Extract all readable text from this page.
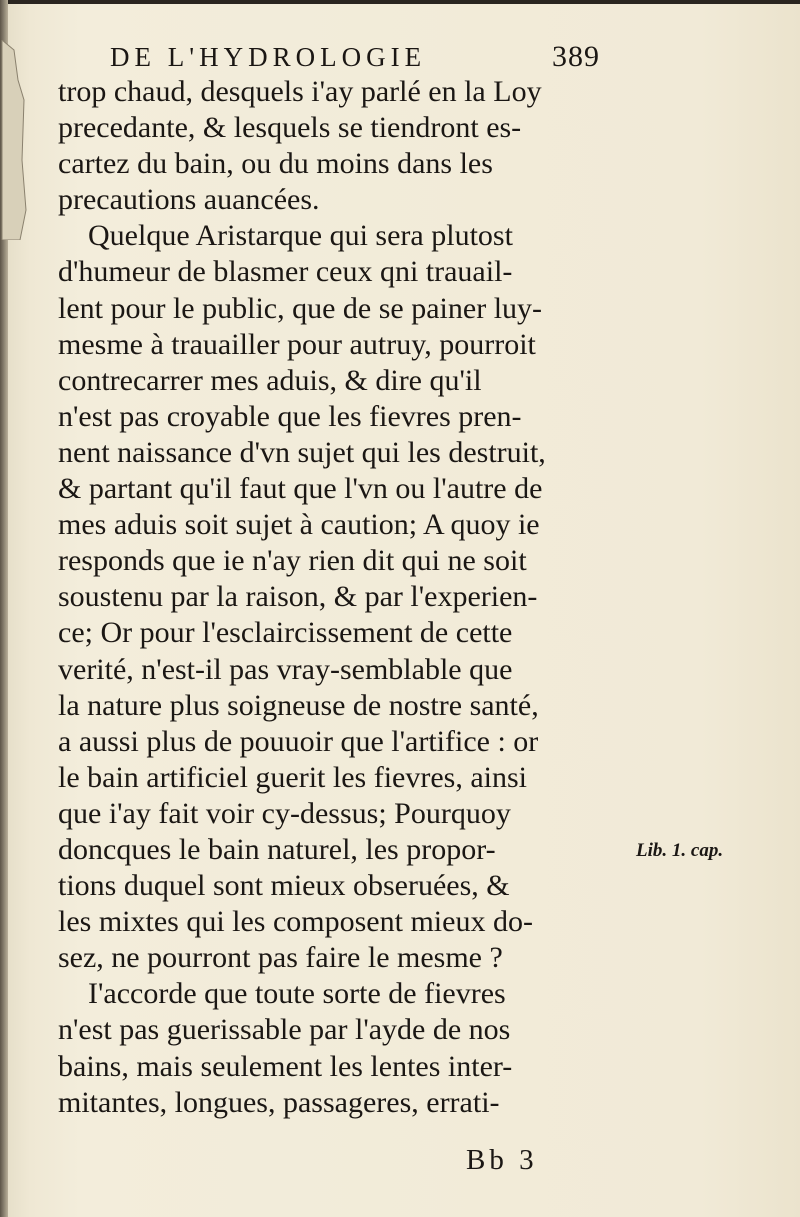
DE L'HYDROLOGIE	389
trop chaud, desquels i'ay parlé en la Loy
precedante, & lesquels se tiendront es-
cartez du bain, ou du moins dans les
precautions auancées.
Quelque Aristarque qui sera plutost
d'humeur de blasmer ceux qni trauail-
lent pour le public, que de se painer luy-
mesme à trauailler pour autruy, pourroit
contrecarrer mes aduis, & dire qu'il
n'est pas croyable que les fievres pren-
nent naissance d'vn sujet qui les destruit,
& partant qu'il faut que l'vn ou l'autre de
mes aduis soit sujet à caution; A quoy ie
responds que ie n'ay rien dit qui ne soit
soustenu par la raison, & par l'experien-
ce; Or pour l'esclaircissement de cette
verité, n'est-il pas vray-semblable que
la nature plus soigneuse de nostre santé,
a aussi plus de pouuoir que l'artifice : or
le bain artificiel guerit les fievres, ainsi
que i'ay fait voir cy-dessus; Pourquoy
doncques le bain naturel, les propor-
tions duquel sont mieux obseruées, &
les mixtes qui les composent mieux do-
sez, ne pourront pas faire le mesme ?
I'accorde que toute sorte de fievres
n'est pas guerissable par l'ayde de nos
bains, mais seulement les lentes inter-
mitantes, longues, passageres, errati-
Lib. 1. cap.
Bb 3
